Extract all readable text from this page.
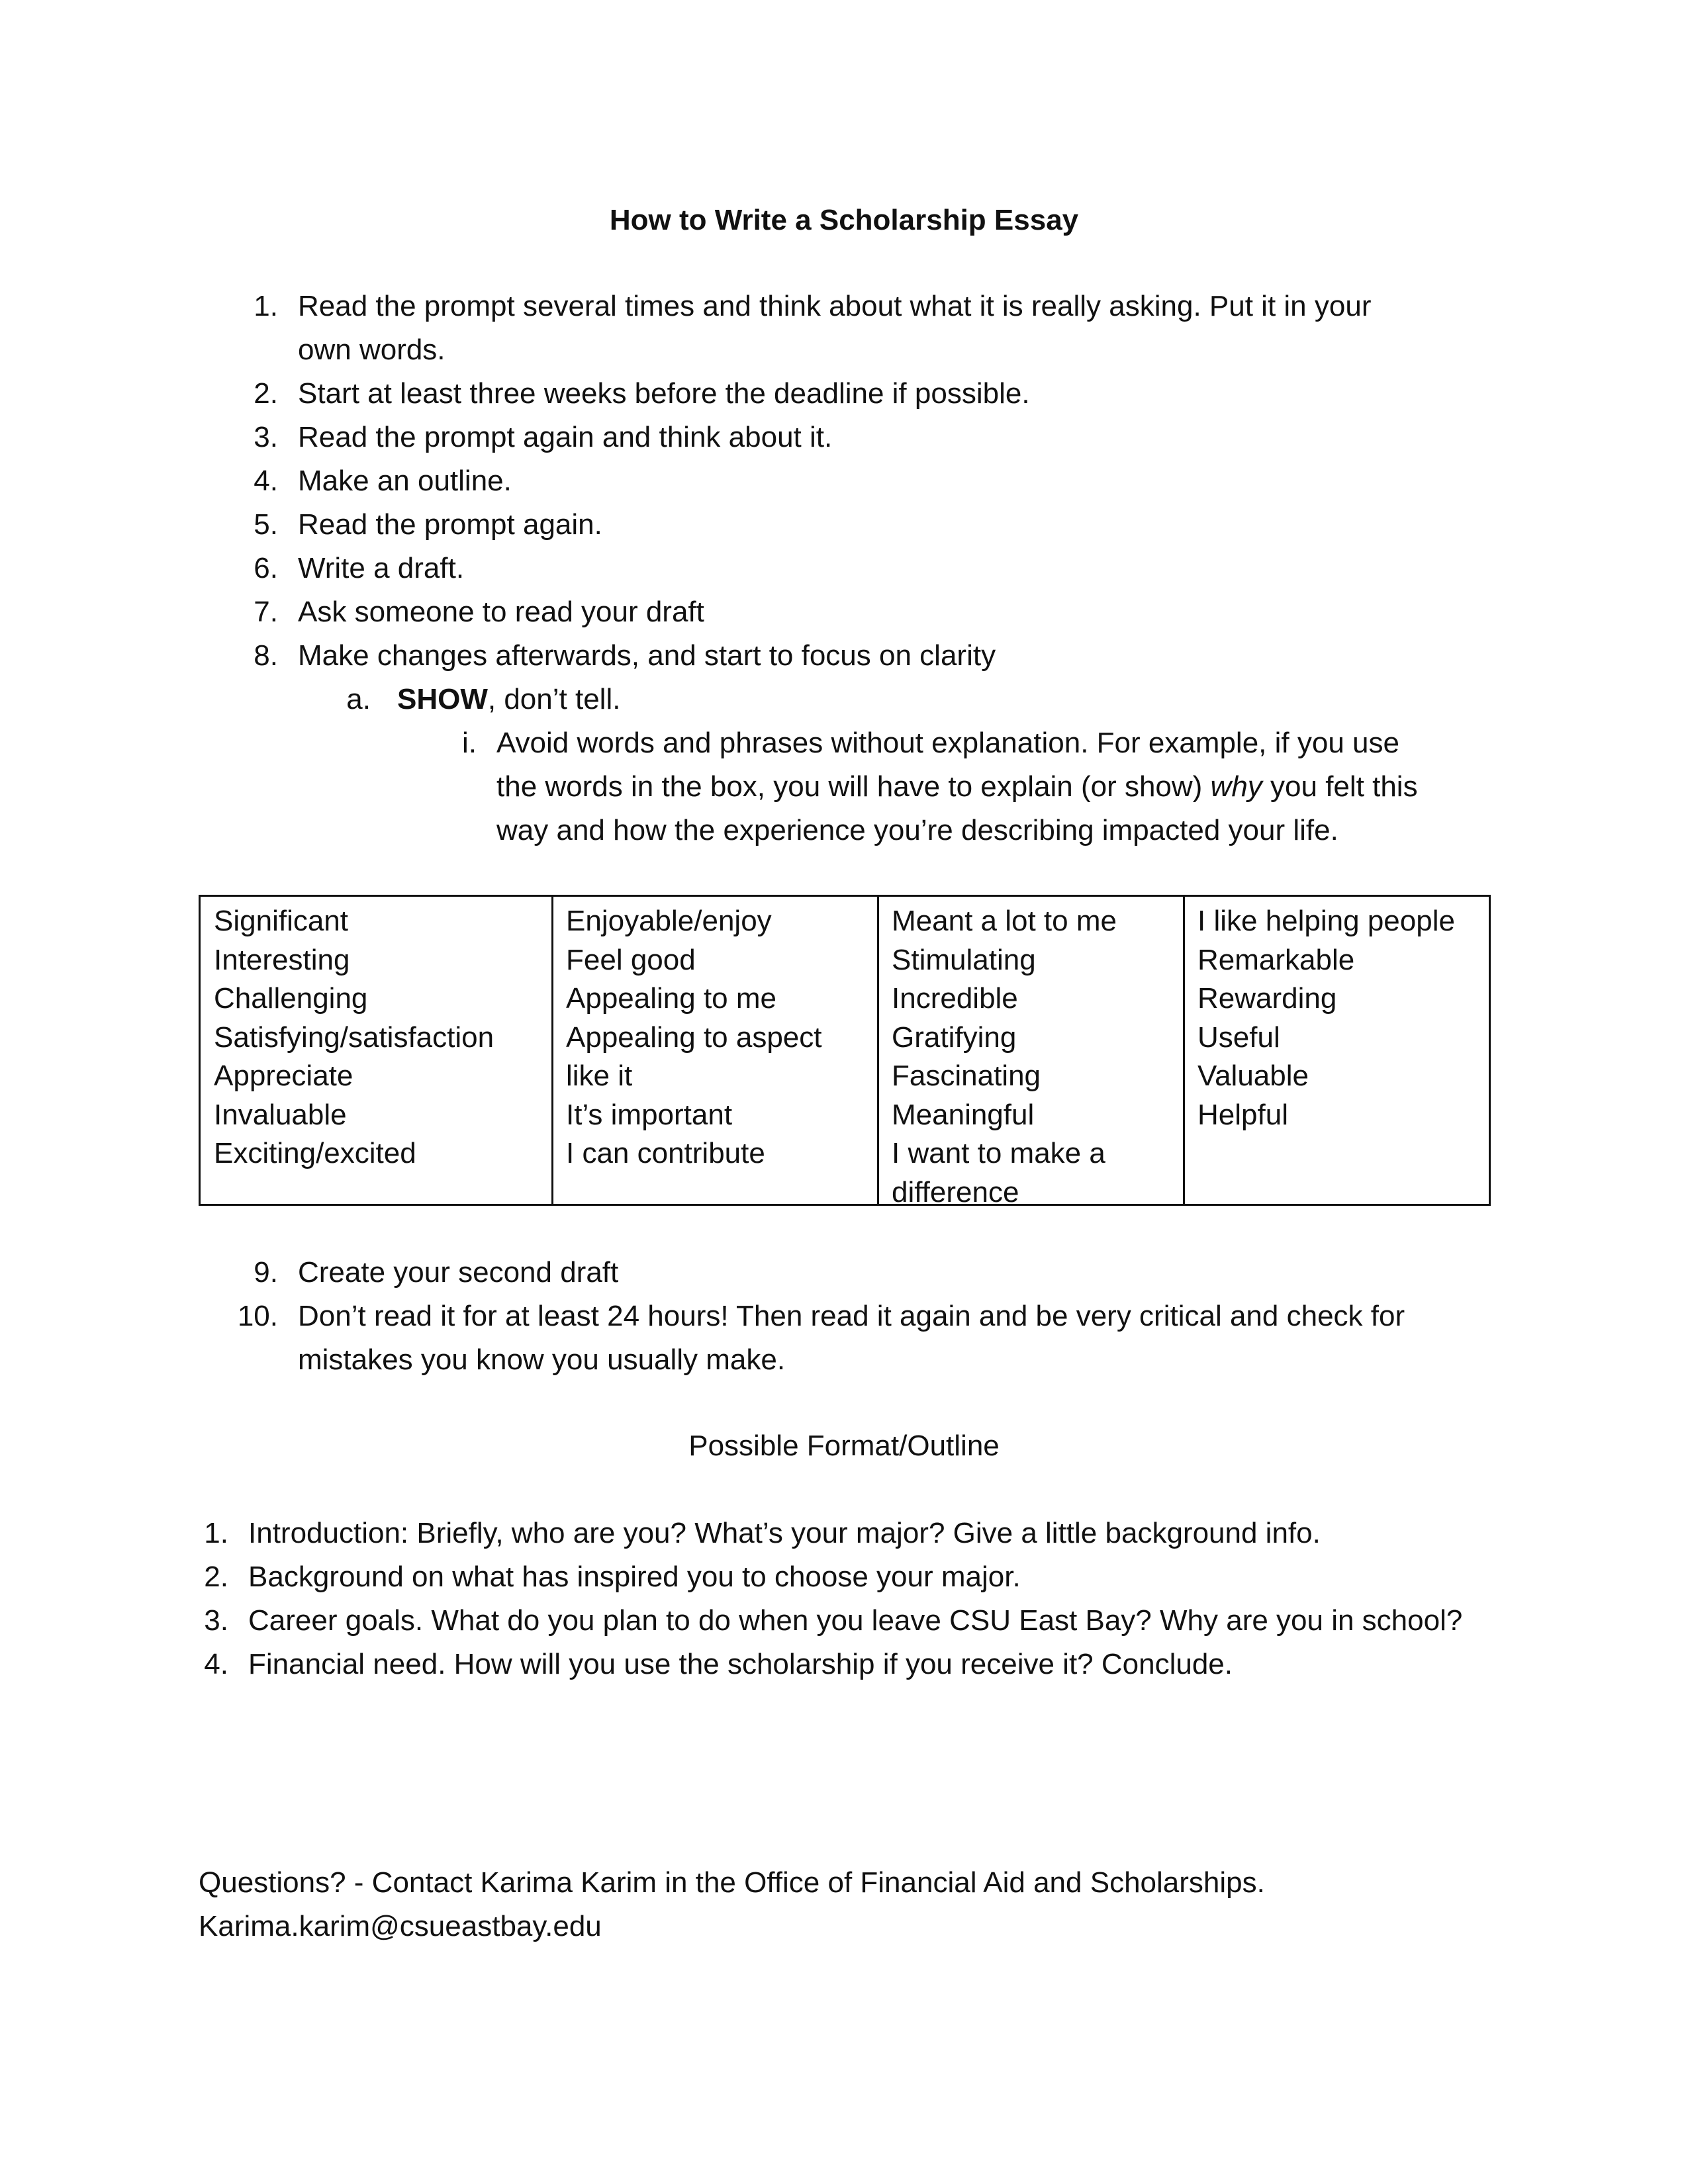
How to Write a Scholarship Essay
1. Read the prompt several times and think about what it is really asking. Put it in your
own words.
2. Start at least three weeks before the deadline if possible.
3. Read the prompt again and think about it.
4. Make an outline.
5. Read the prompt again.
6. Write a draft.
7. Ask someone to read your draft
8. Make changes afterwards, and start to focus on clarity
a. SHOW, don’t tell.
i. Avoid words and phrases without explanation. For example, if you use
the words in the box, you will have to explain (or show) why you felt this
way and how the experience you’re describing impacted your life.
Significant
Interesting
Challenging
Satisfying/satisfaction
Appreciate
Invaluable
Exciting/excited
Enjoyable/enjoy
Feel good
Appealing to me
Appealing to aspect
like it
It’s important
I can contribute
Meant a lot to me
Stimulating
Incredible
Gratifying
Fascinating
Meaningful
I want to make a
difference
I like helping people
Remarkable
Rewarding
Useful
Valuable
Helpful
9. Create your second draft
10. Don’t read it for at least 24 hours! Then read it again and be very critical and check for
mistakes you know you usually make.
Possible Format/Outline
1. Introduction: Briefly, who are you? What’s your major? Give a little background info.
2. Background on what has inspired you to choose your major.
3. Career goals. What do you plan to do when you leave CSU East Bay? Why are you in school?
4. Financial need. How will you use the scholarship if you receive it? Conclude.
Questions? - Contact Karima Karim in the Office of Financial Aid and Scholarships.
Karima.karim@csueastbay.edu
